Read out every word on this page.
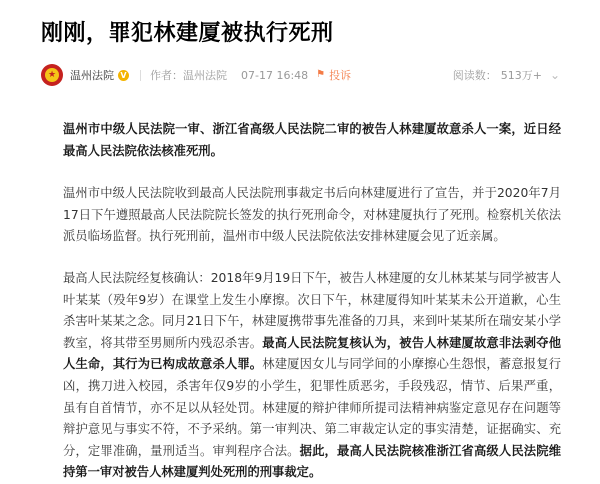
刚刚，罪犯林建厦被执行死刑
★ 温州法院 V 作者： 温州法院 07-17 16:48 ⚑ 投诉	阅读数： 513万+ ⌄
温州市中级人民法院一审、浙江省高级人民法院二审的被告人林建厦故意杀人一案，近日经最高人民法院依法核准死刑。
温州市中级人民法院收到最高人民法院刑事裁定书后向林建厦进行了宣告，并于2020年7月17日下午遵照最高人民法院院长签发的执行死刑命令，对林建厦执行了死刑。检察机关依法派员临场监督。执行死刑前，温州市中级人民法院依法安排林建厦会见了近亲属。
最高人民法院经复核确认：2018年9月19日下午，被告人林建厦的女儿林某某与同学被害人叶某某（殁年9岁）在课堂上发生小摩擦。次日下午，林建厦得知叶某某未公开道歉，心生杀害叶某某之念。同月21日下午，林建厦携带事先准备的刀具，来到叶某某所在瑞安某小学教室，将其带至男厕所内残忍杀害。最高人民法院复核认为，被告人林建厦故意非法剥夺他人生命，其行为已构成故意杀人罪。林建厦因女儿与同学间的小摩擦心生怨恨，蓄意报复行凶，携刀进入校园，杀害年仅9岁的小学生，犯罪性质恶劣，手段残忍，情节、后果严重，虽有自首情节，亦不足以从轻处罚。林建厦的辩护律师所提司法精神病鉴定意见存在问题等辩护意见与事实不符，不予采纳。第一审判决、第二审裁定认定的事实清楚，证据确实、充分，定罪准确，量刑适当。审判程序合法。据此，最高人民法院核准浙江省高级人民法院维持第一审对被告人林建厦判处死刑的刑事裁定。
